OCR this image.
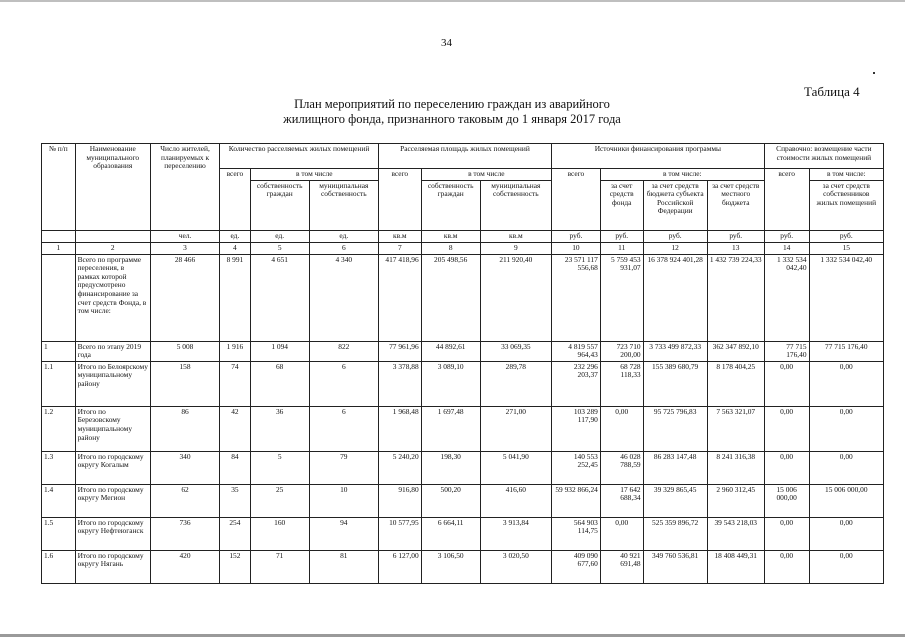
34
Таблица 4
План мероприятий по переселению граждан из аварийного
жилищного фонда, признанного таковым до 1 января 2017 года
№ п/п	Наименование муниципального образования	Число жителей, планируемых к переселению	Количество расселяемых жилых помещений			Расселяемая площадь жилых помещений			Источники финансирования программы				Справочно: возмещение части стоимости жилых помещений	
			всего	в том числе		всего	в том числе		всего	в том числе:			всего	в том числе:
				собственность граждан	муниципальная собственность		собственность граждан	муниципальная собственность		за счет средств фонда	за счет средств бюджета субъекта Российской Федерации	за счет средств местного бюджета		за счет средств собственников жилых помещений
		чел.	ед.	ед.	ед.	кв.м	кв.м	кв.м	руб.	руб.	руб.	руб.	руб.	руб.
1	2	3	4	5	6	7	8	9	10	11	12	13	14	15
	Всего по программе переселения, в рамках которой предусмотрено финансирование за счет средств Фонда, в том числе:	28 466	8 991	4 651	4 340	417 418,96	205 498,56	211 920,40	23 571 117 556,68	5 759 453 931,07	16 378 924 401,28	1 432 739 224,33	1 332 534 042,40	1 332 534 042,40
1	Всего по этапу 2019 года	5 008	1 916	1 094	822	77 961,96	44 892,61	33 069,35	4 819 557 964,43	723 710 200,00	3 733 499 872,33	362 347 892,10	77 715 176,40	77 715 176,40
1.1	Итого по Белоярскому муниципальному району	158	74	68	6	3 378,88	3 089,10	289,78	232 296 203,37	68 728 118,33	155 389 680,79	8 178 404,25	0,00	0,00
1.2	Итого по Березовскому муниципальному району	86	42	36	6	1 968,48	1 697,48	271,00	103 289 117,90	0,00	95 725 796,83	7 563 321,07	0,00	0,00
1.3	Итого по городскому округу Когалым	340	84	5	79	5 240,20	198,30	5 041,90	140 553 252,45	46 028 788,59	86 283 147,48	8 241 316,38	0,00	0,00
1.4	Итого по городскому округу Мегион	62	35	25	10	916,80	500,20	416,60	59 932 866,24	17 642 688,34	39 329 865,45	2 960 312,45	15 006 000,00	15 006 000,00
1.5	Итого по городскому округу Нефтеюганск	736	254	160	94	10 577,95	6 664,11	3 913,84	564 903 114,75	0,00	525 359 896,72	39 543 218,03	0,00	0,00
1.6	Итого по городскому округу Нягань	420	152	71	81	6 127,00	3 106,50	3 020,50	409 090 677,60	40 921 691,48	349 760 536,81	18 408 449,31	0,00	0,00
